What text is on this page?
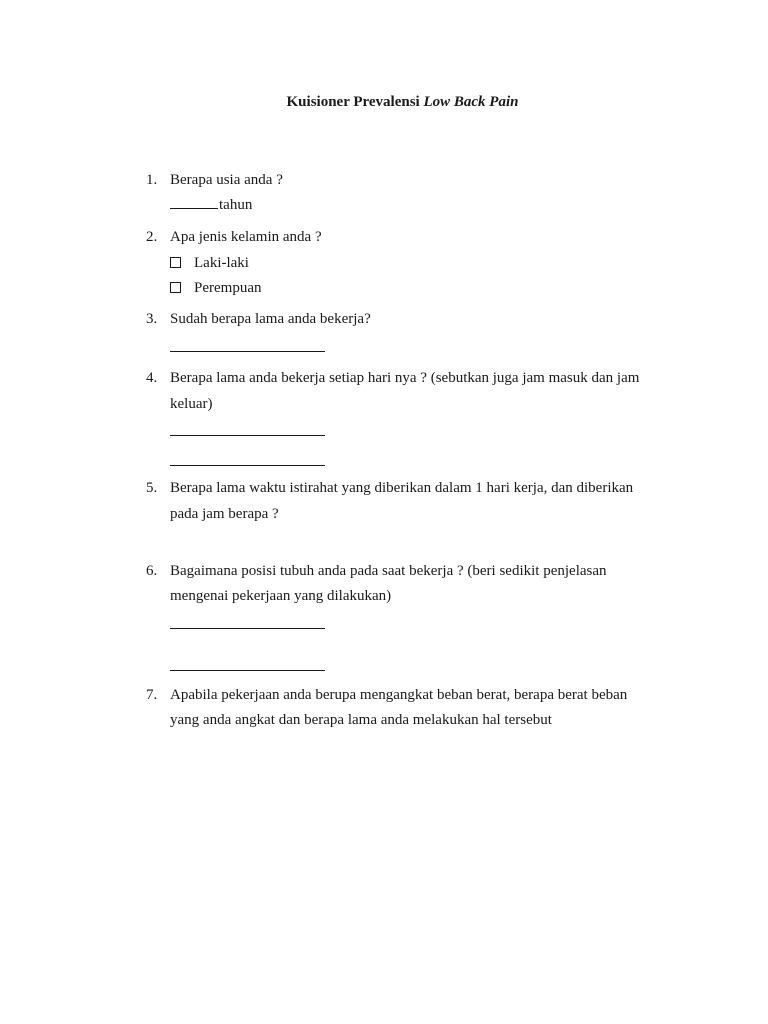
Kuisioner Prevalensi Low Back Pain
1. Berapa usia anda ?
tahun
2. Apa jenis kelamin anda ?
Laki-laki
Perempuan
3. Sudah berapa lama anda bekerja?
4. Berapa lama anda bekerja setiap hari nya ? (sebutkan juga jam masuk dan jam
keluar)
5. Berapa lama waktu istirahat yang diberikan dalam 1 hari kerja, dan diberikan
pada jam berapa ?
6. Bagaimana posisi tubuh anda pada saat bekerja ? (beri sedikit penjelasan
mengenai pekerjaan yang dilakukan)
7. Apabila pekerjaan anda berupa mengangkat beban berat, berapa berat beban
yang anda angkat dan berapa lama anda melakukan hal tersebut
